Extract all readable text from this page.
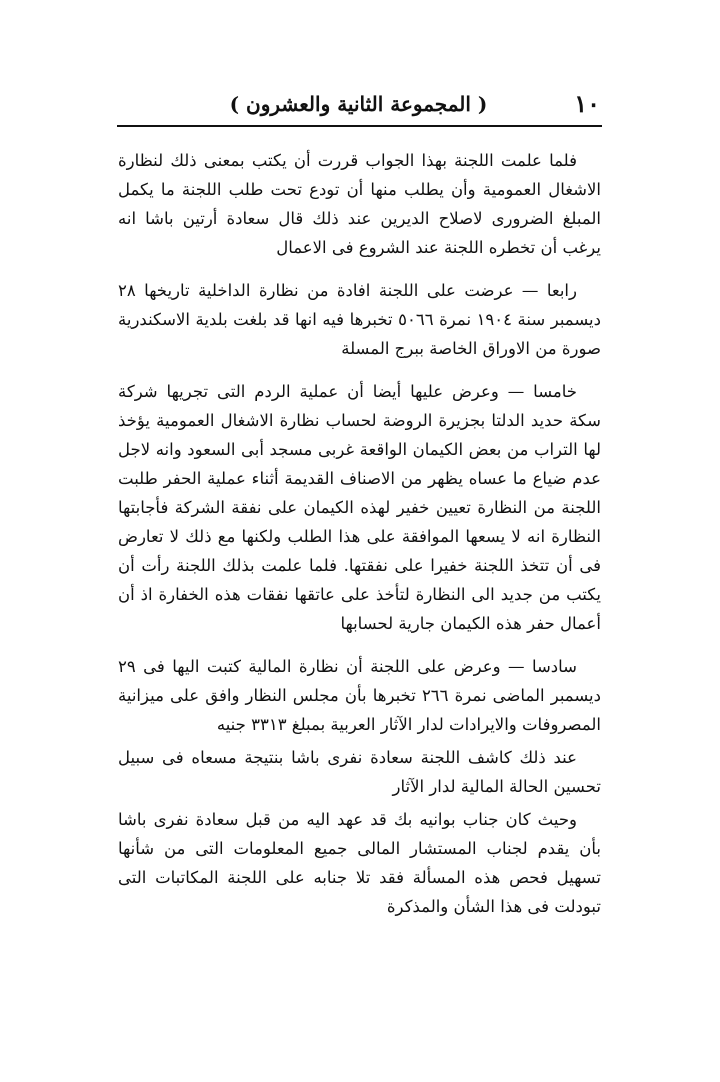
١٠
( المجموعة الثانية والعشرون )

فلما علمت اللجنة بهذا الجواب قررت أن يكتب بمعنى ذلك لنظارة الاشغال العمومية وأن يطلب منها أن تودع تحت طلب اللجنة ما يكمل المبلغ الضرورى لاصلاح الديرين عند ذلك قال سعادة أرتين باشا انه يرغب أن تخطره اللجنة عند الشروع فى الاعمال

رابعا — عرضت على اللجنة افادة من نظارة الداخلية تاريخها ٢٨ ديسمبر سنة ١٩٠٤ نمرة ٥٠٦٦ تخبرها فيه انها قد بلغت بلدية الاسكندرية صورة من الاوراق الخاصة ببرج المسلة

خامسا — وعرض عليها أيضا أن عملية الردم التى تجريها شركة سكة حديد الدلتا بجزيرة الروضة لحساب نظارة الاشغال العمومية يؤخذ لها التراب من بعض الكيمان الواقعة غربى مسجد أبى السعود وانه لاجل عدم ضياع ما عساه يظهر من الاصناف القديمة أثناء عملية الحفر طلبت اللجنة من النظارة تعيين خفير لهذه الكيمان على نفقة الشركة فأجابتها النظارة انه لا يسعها الموافقة على هذا الطلب ولكنها مع ذلك لا تعارض فى أن تتخذ اللجنة خفيرا على نفقتها. فلما علمت بذلك اللجنة رأت أن يكتب من جديد الى النظارة لتأخذ على عاتقها نفقات هذه الخفارة اذ أن أعمال حفر هذه الكيمان جارية لحسابها

سادسا — وعرض على اللجنة أن نظارة المالية كتبت اليها فى ٢٩ ديسمبر الماضى نمرة ٢٦٦ تخبرها بأن مجلس النظار وافق على ميزانية المصروفات والايرادات لدار الآثار العربية بمبلغ ٣٣١٣ جنيه

عند ذلك كاشف اللجنة سعادة نفرى باشا بنتيجة مسعاه فى سبيل تحسين الحالة المالية لدار الآثار

وحيث كان جناب بوانيه بك قد عهد اليه من قبل سعادة نفرى باشا بأن يقدم لجناب المستشار المالى جميع المعلومات التى من شأنها تسهيل فحص هذه المسألة فقد تلا جنابه على اللجنة المكاتبات التى تبودلت فى هذا الشأن والمذكرة
